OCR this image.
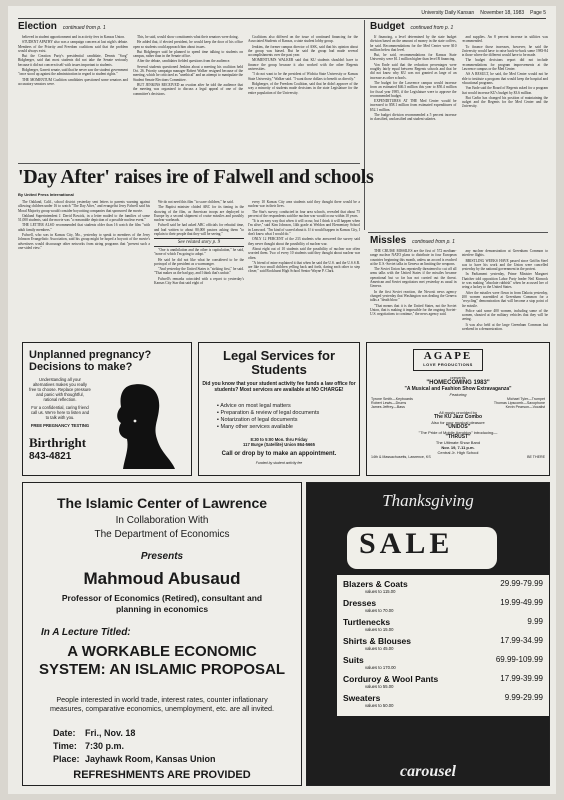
University Daily Kansan November 18, 1983 Page 5
Election continued from p. 1

believed in student apportionment and in activity fees in Kansas Union.

STUDENT APATHY also was a campaign concern at last night's debate. Members of the Priority and Freedom coalitions said that the problem would always exist.

But the Creation Party's presidential candidate, Dennis "Sorg" Ridgberger, said that most students did not take the Senate seriously because it did not concern itself with issues important to students.

Ridgberger, Garrett senate, said that he never saw the student government "once stood up against the administration in regard to student rights."

THE MOMENTUM Coalition candidates questioned some senators and accusatory senators were.

This, he said, would show constituents what their senators were doing.

He added that, if elected president, he would keep the door of his office open so students could approach him about issues.

But Ridgberger said he planned to spend time talking to students on campus, rather than in the Senate office.

After the debate, candidates fielded questions from the audience.

Several students questioned Jenkins about a meeting his coalition held Oct. 26. Priority campaign manager Robert Walker resigned because of the meeting, which he criticized as "unethical" and an attempt to manipulate the Student Senate Elections Committee.

BUT JENKINS RECEIVED an ovation after he told the audience that the meeting was organized to discuss a legal appeal of one of the committee's decisions.

Coalitions also differed on the issue of continued financing for the Associated Students of Kansas, a state student lobby group.

Jenkins, the former campus director of ASK, said that his opinion about the group was biased. But he said the group had made several accomplishments over the past year.

MOMENTUM'S WALKER said that KU students shouldn't have to finance the group because it also worked with the other Regents universities.

"I do not want to be the president of Wichita State University or Kansas State University," Walker said. "I want those dollars to benefit us directly."

Ridgberger, of the Freedom Coalition, said that he didn't approve of the way a minority of students made decisions in the state Legislature for the entire population of the University.

Budget continued from p. 1

If financing, a level determined by the state budget division based on the amount of money in the state coffers, he said. Recommendations for the Med Center were $10 million below that level.

But, he said, recommendations for Kansas State University were $1.1 million higher than level B financing.

Von Ende said that the reduction percentages were roughly fairly equal between Regents schools and that he did not know why KU was not granted as large of an increase as other schools.

The budget for the Lawrence campus would increase from an estimated $46.3 million this year to $50.4 million for fiscal year 1985, if the Legislature were to approve the recommended budget.

EXPENDITURES AT THE Med Center would be increased to $58.1 million from estimated expenditures of $52.1 million.

The budget division recommended a 5 percent increase in classified, unclassified and student salaries.

and supplies. An 8 percent increase in utilities was recommended.

To finance those increases, however, he said the University would have to raise back-to-back some 1983-84 in those where the different would have to be made.

The budget decisions report did not include recommendations for program improvements at the Lawrence campus or the Med Center.

AS A RESULT, he said, the Med Center would not be able to institute a program that would keep the hospital and educational programs.

Von Ende said the Board of Regents asked for a program that would increase KU's budget by $3.6 million.

But Carlin has changed his position of maintaining the budget and the Regents for the Med Center and the University.

'Day After' raises ire of Falwell and schools
By United Press International

The Oakland, Calif., school district yesterday sent letters to parents warning against allowing children under 16 to watch "The Day After," and evangelist Jerry Falwell said his Moral Majority group would consider boycotting companies that sponsored the movie.

Oakland Superintendent J. David Bowick, in a letter mailed to the families of some 51,000 students, said the movie was "a reasonable depiction of a possible nuclear event."

THE LETTER ALSO recommended that students older than 16 watch the film "with adult family members."

Falwell, who was in Kansas City, Mo., yesterday to speak to members of the Jerry Johnson Evangelistic Association, said his group might be hoped a boycott of the movie's advertisers would discourage other networks from airing programs that "present such a one-sided view."

We do not need this film "to scare children," he said.

The Baptist minister chided ABC for its timing in the showing of the film, as American troops are deployed to Europe by a second shipment of cruise missiles and possibly nuclear warheads.

Falwell said he had asked ABC officials for rebuttal time, and had written to about 80,000 pastors asking them "to explain to their people that they will be seeing."

See related story p. 9

"One is annihilation and the other is capitulation," he said, "none of which I'm going to adopt."

He said he did not like what he considered to be the portrayal of the president as a warmonger.

"And yesterday the United States is "striking first," he said. "That makes us the bad guy, and I think that's unfair."

Falwell's remarks coincided with a report to yesterday's Kansas City Star that said eight of

every 10 Kansas City area students said they thought there would be a nuclear war in their lives.

The Star's survey, conducted in four area schools, revealed that about 75 percent of the respondents said the nuclear war would occur within 10 years.

"It is an easy way that when it will occur, but I think it will happen when I'm alive," said Kim Johnson, 14th grade at Weldon and Elementary School in Leawood. "I'm kind of scared about it. If it would happen in Kansas City, I don't know what I would do."

ONLY 12 PERCENT of the 233 students who answered the survey said they never thought about the possibility of nuclear war.

About eight out of 10 students said the possibility of nuclear war often worried them. Two of every 10 students said they thought about nuclear war often.

"A friend of mine explained it that when he said the U.S. and the U.S.S.R. are like two small children yelling back and forth, daring each other to step closer," said Rockhurst High School Senior Wayne P. Clark.

Missles continued from p. 1

THE CRUISE MISSILES are the first of 572 medium-range nuclear NATO plans to distribute in four European countries beginning this month, unless an accord is reached at the U.S.-Soviet talks in Geneva on limiting the weapons.

The Soviet Union has repeatedly threatened to cut off all arms talks with the United States if the missiles became operational but so far has not carried out the threat. American and Soviet negotiators met yesterday as usual in Geneva.

In the first Soviet reaction, the Novosti news agency charged yesterday that Washington was dealing the Geneva talks a "death blow."

"That means that it is the United States, not the Soviet Union, that is making it impossible for the ongoing Soviet-U.S. negotiations to continue," the news agency said.

any nuclear demonstration at Greenham Common to interfere flights.

BRISTLING WEEKS HAVE passed since Griffin Steel was to have his work and the Union were cancelled yesterday by the national government in the protest.

In Parliament yesterday, Prime Minister Margaret Thatcher told opposition Labor Party leader Neil Kinnock he was making "absolute rubbish" when he accused her of being a lackey to the United States.

After the missiles were flown in from Dakota yesterday, 200 women assembled at Greenham Common for a "recycling" demonstration that will become a stop point of the missile.

Police said some 400 women, including some of the women, shouted at the military vehicles that they will be seeing.

It was also held at the large Greenham Common last weekend in a demonstration.

Unplanned pregnancy? Decisions to make?
Understanding all your alternatives makes you really free to choose. Replace pressure and panic with thoughtful, rational reflection.
For a confidential, caring friend call us. We're here to listen and to talk with you.
FREE PREGNANCY TESTING
Birthright
843-4821
Legal Services for Students
Did you know that your student activity fee funds a law office for students? Most services are available at NO CHARGE!
▪ Advice on most legal matters
▪ Preparation & review of legal documents
▪ Notarization of legal documents
▪ Many other services available
8:30 to 5:00 Mon. thru Friday
117 Burge (Satellite) Union 864-5665
Call or drop by to make an appointment.
Funded by student activity fee
AGAPE
LOVE PRODUCTIONS
presents
"HOMECOMING 1983"
"A Musical and Fashion Show Extravaganza"
Featuring
Tyrone Smith—Keyboards
Robert Lewis—Drums
James Jeffrey—Bass
Michael Tyler—Trumpet
Thomas Lipscomb—Saxophone
Kevin Pearson—Vocalist
All music provided by
The KU Jazz Combo
Also for your musical pleasure
"UNIDOS"
"The Pride of Mobile Aerobics" introducing—
"THRUST"
The Ultimate Show Band
Nov. 19, 7-11 p.m.
Central Jr. High School
14th & Massachusetts, Lawrence, KS	BE THERE
The Islamic Center of Lawrence
In Collaboration With
The Department of Economics
Presents
Mahmoud Abusaud
Professor of Economics (Retired), consultant and planning in economics
In A Lecture Titled:
A WORKABLE ECONOMIC SYSTEM: AN ISLAMIC PROPOSAL
People interested in world trade, interest rates, counter inflationary measures, comparative economics, unemployment, etc. are all invited.
Date: Fri., Nov. 18
Time: 7:30 p.m.
Place: Jayhawk Room, Kansas Union
REFRESHMENTS ARE PROVIDED
Thanksgiving
SALE
Blazers & Coats	29.99-79.99
values to 115.00
Dresses	19.99-49.99
values to 70.00
Turtlenecks	9.99
values to 15.00
Shirts & Blouses	17.99-34.99
values to 45.00
Suits	69.99-109.99
values to 170.00
Corduroy & Wool Pants	17.99-39.99
values to 55.00
Sweaters	9.99-29.99
values to 50.00
carousel
